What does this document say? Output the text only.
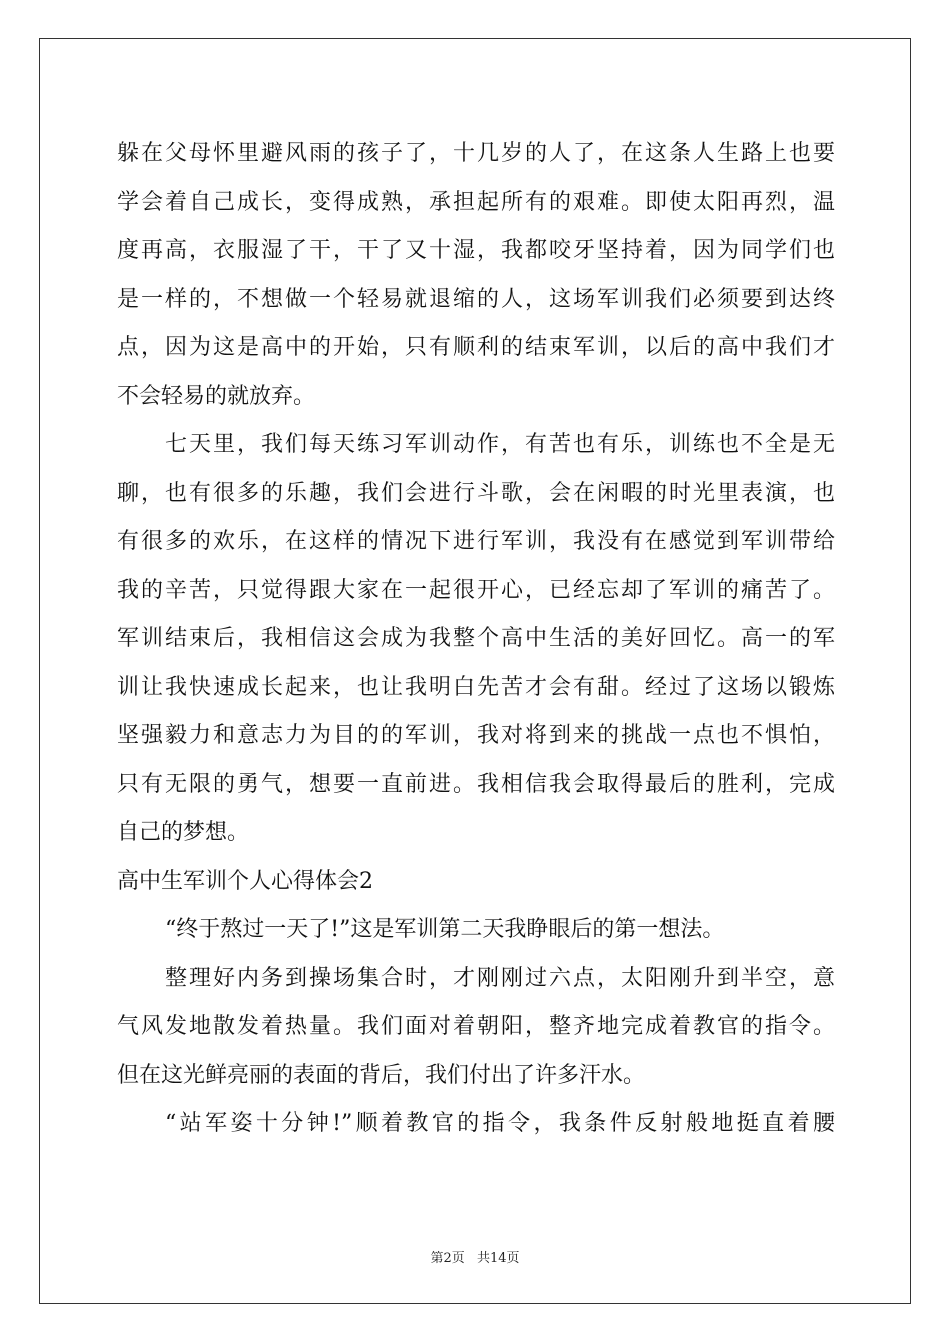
躲在父母怀里避风雨的孩子了，十几岁的人了，在这条人生路上也要
学会着自己成长，变得成熟，承担起所有的艰难。即使太阳再烈，温
度再高，衣服湿了干，干了又十湿，我都咬牙坚持着，因为同学们也
是一样的，不想做一个轻易就退缩的人，这场军训我们必须要到达终
点，因为这是高中的开始，只有顺利的结束军训，以后的高中我们才
不会轻易的就放弃。
七天里，我们每天练习军训动作，有苦也有乐，训练也不全是无
聊，也有很多的乐趣，我们会进行斗歌，会在闲暇的时光里表演，也
有很多的欢乐，在这样的情况下进行军训，我没有在感觉到军训带给
我的辛苦，只觉得跟大家在一起很开心，已经忘却了军训的痛苦了。
军训结束后，我相信这会成为我整个高中生活的美好回忆。高一的军
训让我快速成长起来，也让我明白先苦才会有甜。经过了这场以锻炼
坚强毅力和意志力为目的的军训，我对将到来的挑战一点也不惧怕，
只有无限的勇气，想要一直前进。我相信我会取得最后的胜利，完成
自己的梦想。
高中生军训个人心得体会2
“终于熬过一天了!”这是军训第二天我睁眼后的第一想法。
整理好内务到操场集合时，才刚刚过六点，太阳刚升到半空，意
气风发地散发着热量。我们面对着朝阳，整齐地完成着教官的指令。
但在这光鲜亮丽的表面的背后，我们付出了许多汗水。
“站军姿十分钟!”顺着教官的指令，我条件反射般地挺直着腰
第2页 共14页
